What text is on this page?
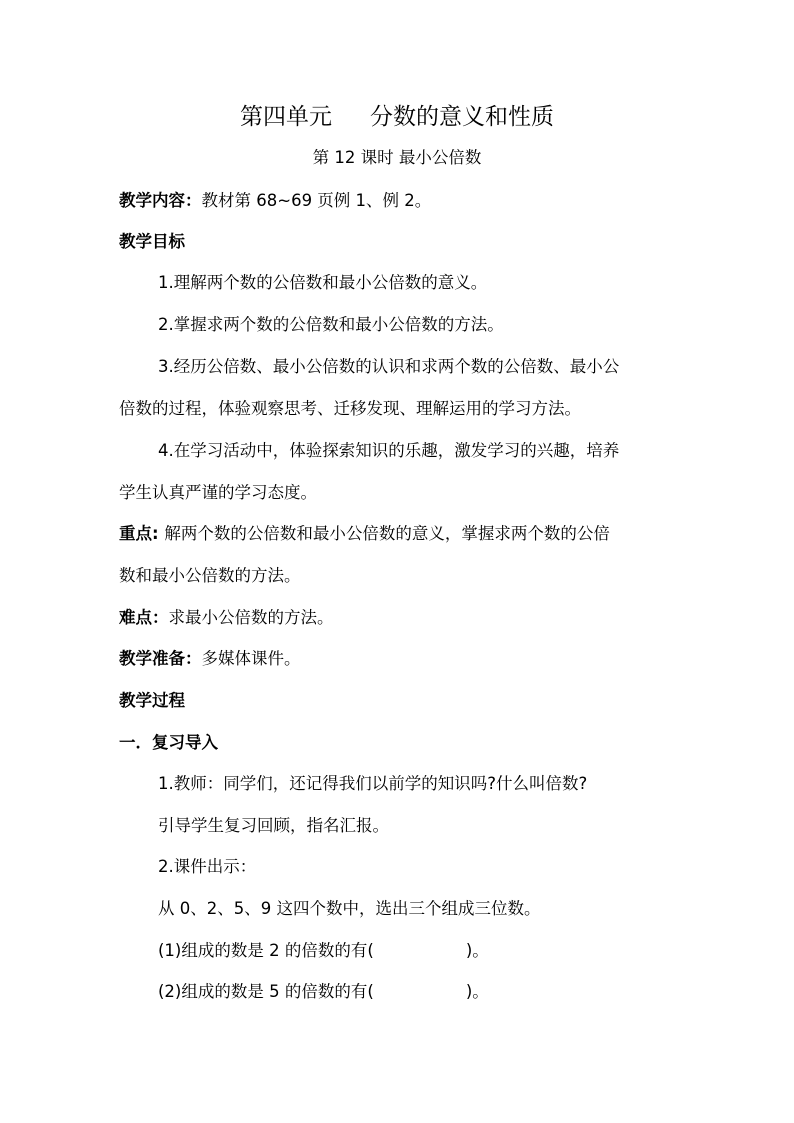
第四单元 分数的意义和性质
第 12 课时 最小公倍数
教学内容：教材第 68~69 页例 1、例 2。
教学目标
1.理解两个数的公倍数和最小公倍数的意义。
2.掌握求两个数的公倍数和最小公倍数的方法。
3.经历公倍数、最小公倍数的认识和求两个数的公倍数、最小公
倍数的过程，体验观察思考、迁移发现、理解运用的学习方法。
4.在学习活动中，体验探索知识的乐趣，激发学习的兴趣，培养
学生认真严谨的学习态度。
重点: 解两个数的公倍数和最小公倍数的意义，掌握求两个数的公倍
数和最小公倍数的方法。
难点：求最小公倍数的方法。
教学准备：多媒体课件。
教学过程
一．复习导入
1.教师：同学们，还记得我们以前学的知识吗?什么叫倍数?
引导学生复习回顾，指名汇报。
2.课件出示：
从 0、2、5、9 这四个数中，选出三个组成三位数。
(1)组成的数是 2 的倍数的有(	)。
(2)组成的数是 5 的倍数的有(	)。
